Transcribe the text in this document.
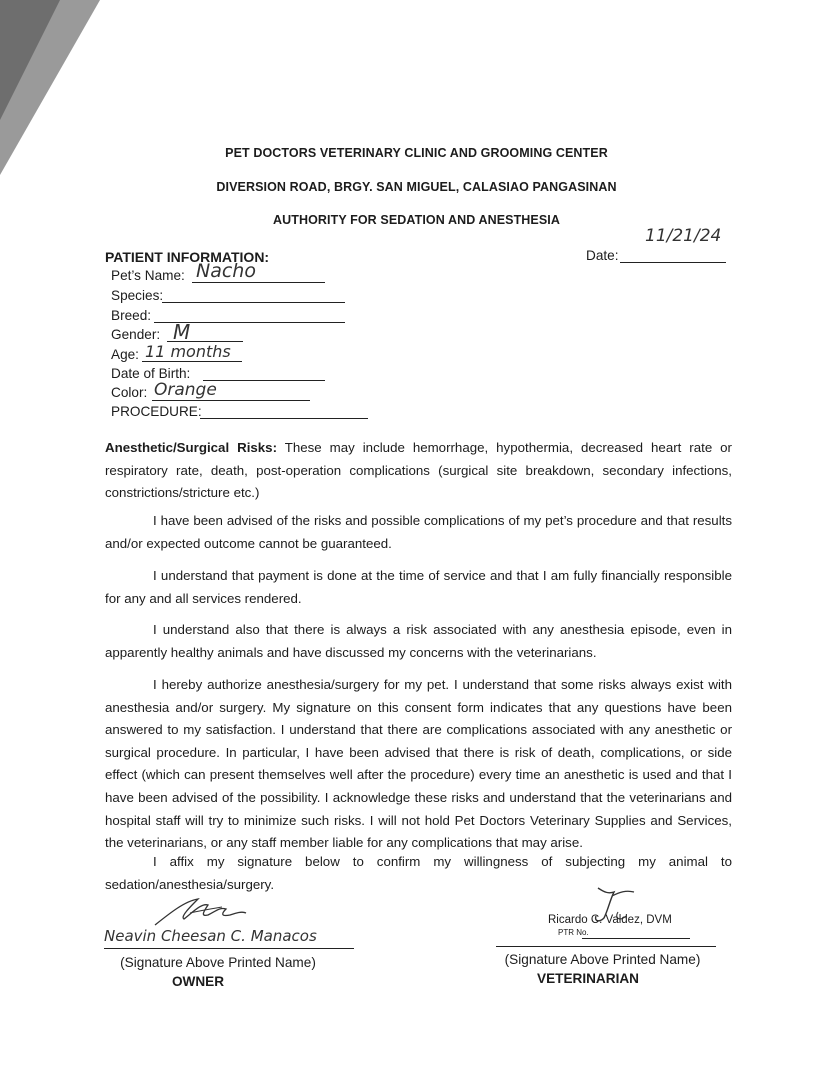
PET DOCTORS VETERINARY CLINIC AND GROOMING CENTER
DIVERSION ROAD, BRGY. SAN MIGUEL, CALASIAO PANGASINAN
AUTHORITY FOR SEDATION AND ANESTHESIA
PATIENT INFORMATION:
Pet’s Name: Nacho
Species:
Breed:
Gender: M
Age: 11 months
Date of Birth:
Color: Orange
PROCEDURE:
Date:
11/21/24
Anesthetic/Surgical Risks: These may include hemorrhage, hypothermia, decreased heart rate or respiratory rate, death, post-operation complications (surgical site breakdown, secondary infections, constrictions/stricture etc.)
I have been advised of the risks and possible complications of my pet’s procedure and that results and/or expected outcome cannot be guaranteed.
I understand that payment is done at the time of service and that I am fully financially responsible for any and all services rendered.
I understand also that there is always a risk associated with any anesthesia episode, even in apparently healthy animals and have discussed my concerns with the veterinarians.
I hereby authorize anesthesia/surgery for my pet. I understand that some risks always exist with anesthesia and/or surgery. My signature on this consent form indicates that any questions have been answered to my satisfaction. I understand that there are complications associated with any anesthetic or surgical procedure. In particular, I have been advised that there is risk of death, complications, or side effect (which can present themselves well after the procedure) every time an anesthetic is used and that I have been advised of the possibility. I acknowledge these risks and understand that the veterinarians and hospital staff will try to minimize such risks. I will not hold Pet Doctors Veterinary Supplies and Services, the veterinarians, or any staff member liable for any complications that may arise.
I affix my signature below to confirm my willingness of subjecting my animal to sedation/anesthesia/surgery.
Neavin Cheesan C. Manacos
(Signature Above Printed Name)
OWNER
Ricardo C. Valdez, DVM
PTR No.
(Signature Above Printed Name)
VETERINARIAN
